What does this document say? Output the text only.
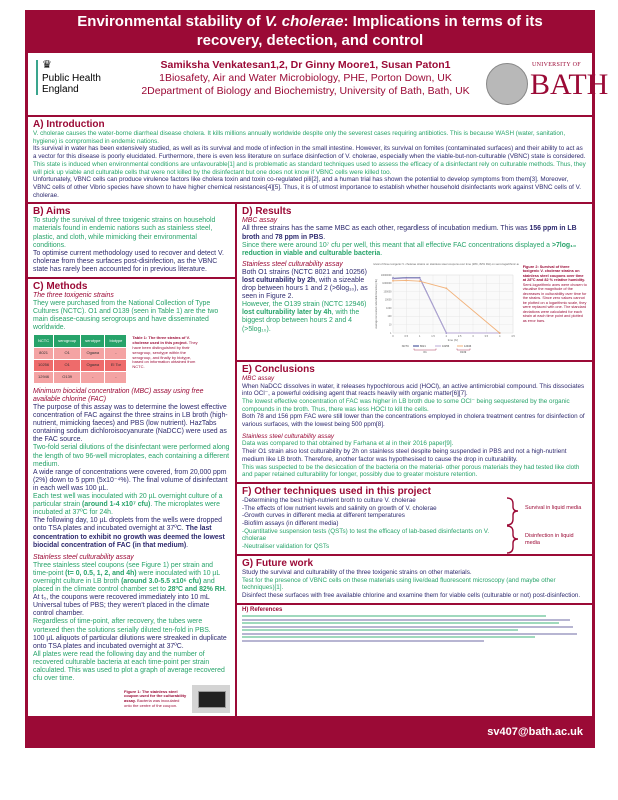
Environmental stability of V. cholerae: Implications in terms of its
recovery, detection, and control
♛
Public Health
England
Samiksha Venkatesan1,2, Dr Ginny Moore1, Susan Paton1
1Biosafety, Air and Water Microbiology, PHE, Porton Down, UK
2Department of Biology and Biochemistry, University of Bath, Bath, UK
UNIVERSITY OF
BATH
A) Introduction

V. cholerae causes the water-borne diarrheal disease cholera. It kills millions annually worldwide despite only the severest cases requiring antibiotics. This is because WASH (water, sanitation, hygiene) is compromised in endemic nations.

Its survival in water has been extensively studied, as well as its survival and mode of infection in the small intestine. However, its survival on fomites (contaminated surfaces) and their ability to act as a vector for this disease is poorly elucidated. Furthermore, there is even less literature on surface disinfection of V. cholerae, especially when the viable-but-non-culturable (VBNC) state is considered.

This state is induced when environmental conditions are unfavourable[1] and is problematic as standard techniques used to assess the efficacy of a disinfectant rely on culturable methods. Thus, they will pick up viable and culturable cells that were not killed by the disinfectant but one does not know if VBNC cells were killed too.

Unfortunately, VBNC cells can produce virulence factors like cholera toxin and toxin co-regulated pili[2], and a human trial has shown the potential to develop symptoms from them[3]. Moreover, VBNC cells of other Vibrio species have shown to have higher chemical resistances[4][5]. Thus, it is of utmost importance to establish whether household disinfectants work against VBNC cells of V. cholerae.

B) Aims

To study the survival of three toxigenic strains on household materials found in endemic nations such as stainless steel, plastic, and cloth, while mimicking their environmental conditions.

To optimise current methodology used to recover and detect V. cholerae from these surfaces post-disinfection, as the VBNC state has rarely been accounted for in previous literature.

C) Methods

The three toxigenic strains

They were purchased from the National Collection of Type Cultures (NCTC). O1 and O139 (seen in Table 1) are the two main disease-causing serogroups and have disseminated worldwide.

NCTC	serogroup	serotype	biotype
8021	O1	Ogawa	-
10256	O1	Ogawa	El Tor
12946	O139	-	-
Table 1: The three strains of V. cholerae used in this project. They have been distinguished by their serogroup, serotype within the serogroup, and finally by biotype, based on information obtained from NCTC.

Minimum biocidal concentration (MBC) assay using free available chlorine (FAC)

The purpose of this assay was to determine the lowest effective concentration of FAC against the three strains in LB broth (high-nutrient, mimicking faeces) and PBS (low nutrient). HazTabs containing sodium dichloroisocyanurate (NaDCC) were used as the FAC source.

Two-fold serial dilutions of the disinfectant were performed along the length of two 96-well microplates, each containing a different medium.

A wide range of concentrations were covered, from 20,000 ppm (2%) down to 5 ppm (5x10⁻⁴%). The final volume of disinfectant in each well was 100 µL.

Each test well was inoculated with 20 µL overnight culture of a particular strain (around 1-4 x10⁷ cfu). The microplates were incubated at 37ºC for 24h.

The following day, 10 µL droplets from the wells were dropped onto TSA plates and incubated overnight at 37ºC. The last concentration to exhibit no growth was deemed the lowest biocidal concentration of FAC (in that medium).

Stainless steel culturability assay

Three stainless steel coupons (see Figure 1) per strain and time-point (t= 0, 0.5, 1, 2, and 4h) were inoculated with 10 µL overnight culture in LB broth (around 3.0-5.5 x10⁶ cfu) and placed in the climate control chamber set to 28ºC and 82% RH.

At t₀, the coupons were recovered immediately into 10 mL Universal tubes of PBS; they weren't placed in the climate control chamber.

Regardless of time-point, after recovery, the tubes were vortexed then the solutions serially diluted ten-fold in PBS.

100 µL aliquots of particular dilutions were streaked in duplicate onto TSA plates and incubated overnight at 37ºC.

All plates were read the following day and the number of recovered culturable bacteria at each time-point per strain calculated. This was used to plot a graph of average recovered cfu over time.

Figure 1: The stainless steel coupon used for the culturability assay. Bacteria was inoculated onto the centre of the coupon.
D) Results

MBC assay

All three strains has the same MBC as each other, regardless of incubation medium. This was 156 ppm in LB broth and 78 ppm in PBS.

Since there were around 10⁷ cfu per well, this meant that all effective FAC concentrations displayed a >7log₁₀ reduction in viable and culturable bacteria.

Stainless steel culturability assay

Both O1 strains (NCTC 8021 and 10256) lost culturability by 2h, with a sizeable drop between hours 1 and 2 (>6log₁₀), as seen in Figure 2.

However, the O139 strain (NCTC 12946) lost culturability later by 4h, with the biggest drop between hours 2 and 4 (>5log₁₀).

Survival of three toxigenic V. cholerae strains on stainless steel coupons over time (28C, 82% RH) on semi-logarithmic axes
0	0.5	1	1.5	2	2.5	3	3.5	4	4.5
1
10
100
1000
10000
100000
1000000
10000000
time (hr)
average recovered culturable bacteria (cfu)
NCTC	8021	10256	12946
O1	O139
Figure 2: Survival of three toxigenic V. cholerae strains on stainless steel coupons over time at 28ºC and 82 % relative humidity. Semi-logarithmic axes were chosen to visualise the magnitude of the decreases in culturability over time for the strains. Since zero values cannot be plotted on a logarithmic scale, they were replaced with one. The standard deviations were calculated for each strain at each time point and plotted as error bars.
E) Conclusions

MBC assay

When NaDCC dissolves in water, it releases hypochlorous acid (HOCl), an active antimicrobial compound. This dissociates into OCl⁻, a powerful oxidising agent that reacts heavily with organic matter[6][7].

The lowest effective concentration of FAC was higher in LB broth due to some OCl⁻ being sequestered by the organic compounds in the broth. Thus, there was less HOCl to kill the cells.

Both 78 and 156 ppm FAC were still lower than the concentrations employed in cholera treatment centres for disinfection of various surfaces, with the lowest being 500 ppm[8].

Stainless steel culturability assay

Data was compared to that obtained by Farhana et al in their 2016 paper[9].

Their O1 strain also lost culturability by 2h on stainless steel despite being suspended in PBS and not a high-nutrient medium like LB broth. Therefore, another factor was hypothesised to cause the drop in culturability.

This was suspected to be the desiccation of the bacteria on the material- other porous materials they had tested like cloth and paper retained culturability for longer, possibly due to greater moisture retention.

F) Other techniques used in this project

-Determining the best high-nutrient broth to culture V. cholerae

-The effects of low nutrient levels and salinity on growth of V. cholerae

-Growth curves in different media at different temperatures

-Biofilm assays (in different media)

-Quantitative suspension tests (QSTs) to test the efficacy of lab-based disinfectants on V. cholerae

-Neutraliser validation for QSTs

Survival in liquid media
Disinfection in liquid media
G) Future work

Study the survival and culturability of the three toxigenic strains on other materials.

Test for the presence of VBNC cells on these materials using live/dead fluorescent microscopy (and maybe other techniques)[1].

Disinfect these surfaces with free available chlorine and examine them for viable cells (culturable or not) post-disinfection.

H) References
sv407@bath.ac.uk
